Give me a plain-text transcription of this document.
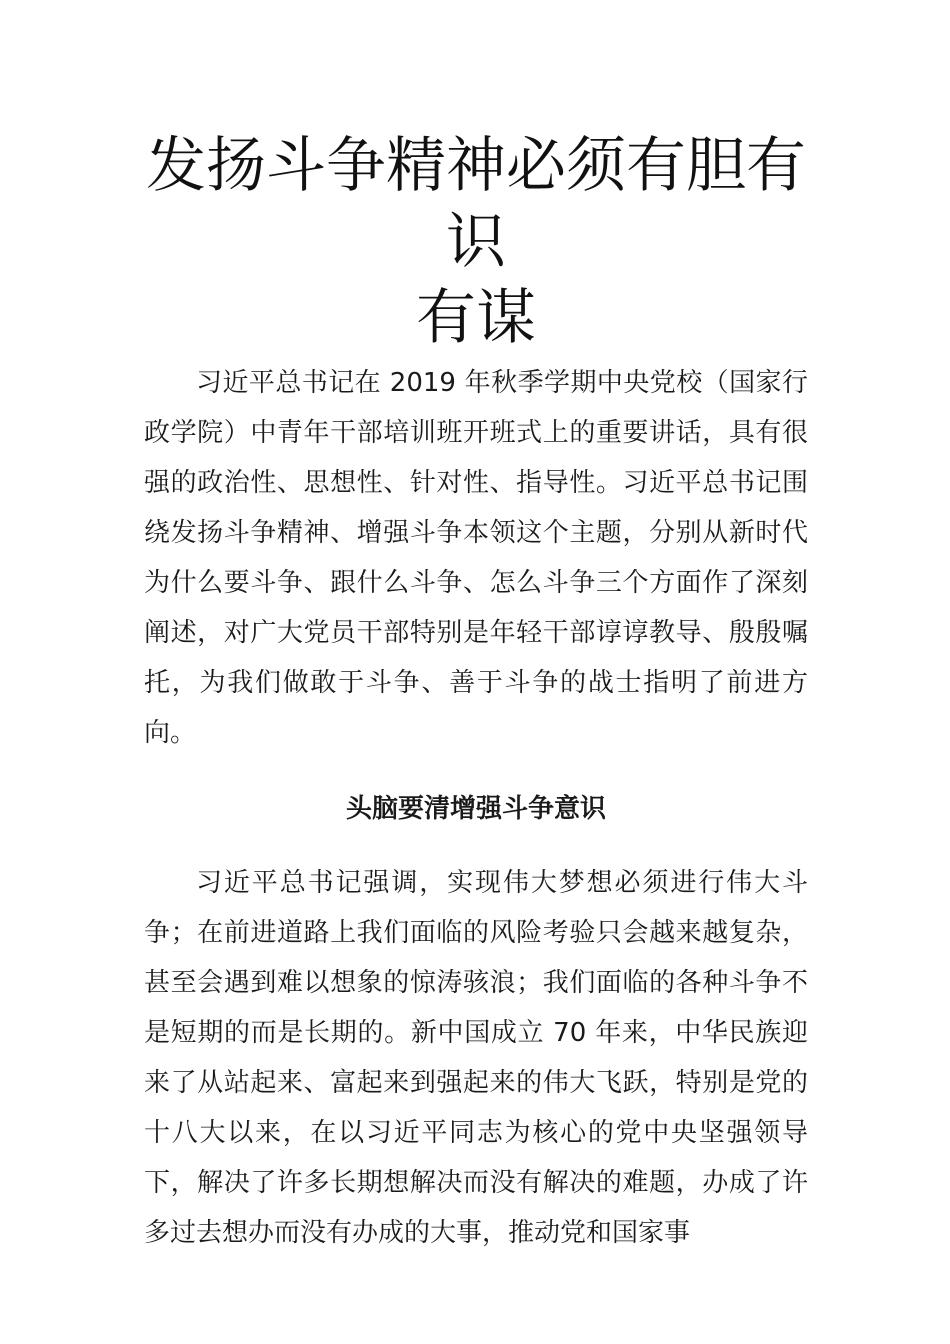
发扬斗争精神必须有胆有识
有谋

习近平总书记在 2019 年秋季学期中央党校（国家行政学院）中青年干部培训班开班式上的重要讲话，具有很强的政治性、思想性、针对性、指导性。习近平总书记围绕发扬斗争精神、增强斗争本领这个主题，分别从新时代为什么要斗争、跟什么斗争、怎么斗争三个方面作了深刻阐述，对广大党员干部特别是年轻干部谆谆教导、殷殷嘱托，为我们做敢于斗争、善于斗争的战士指明了前进方向。

头脑要清增强斗争意识

习近平总书记强调，实现伟大梦想必须进行伟大斗争；在前进道路上我们面临的风险考验只会越来越复杂，甚至会遇到难以想象的惊涛骇浪；我们面临的各种斗争不是短期的而是长期的。新中国成立 70 年来，中华民族迎来了从站起来、富起来到强起来的伟大飞跃，特别是党的十八大以来，在以习近平同志为核心的党中央坚强领导下，解决了许多长期想解决而没有解决的难题，办成了许多过去想办而没有办成的大事，推动党和国家事
